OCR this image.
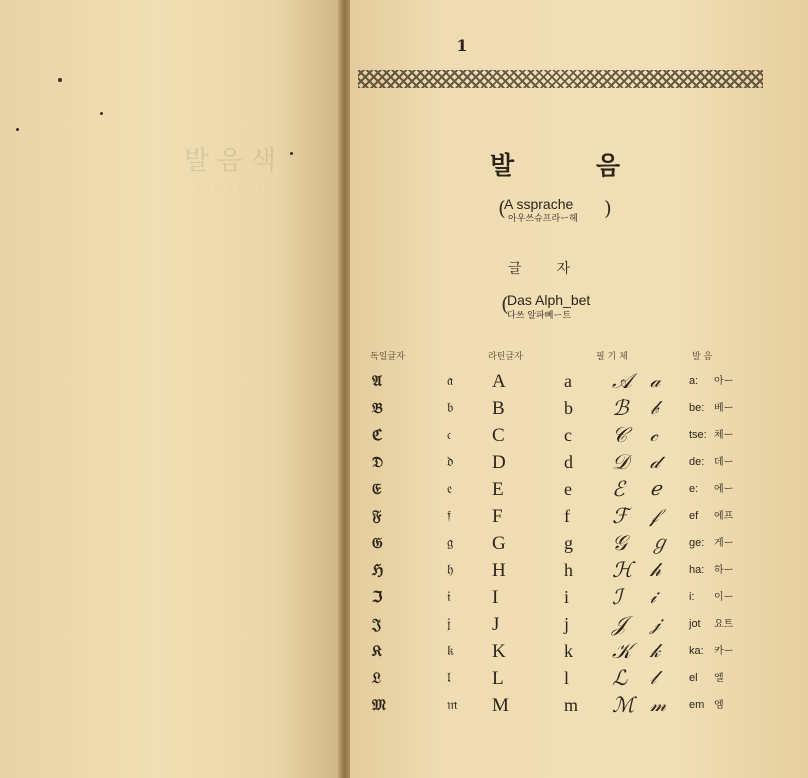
발 음 색
· · · · · · ·
1
발	음
(
A ssprache
아우쓰슈프라ー헤 )
글 자
(
Das Alph_bet
다쓰 알파뻬ー트
독일글자	라틴글자	필 기 체	발 음
𝔄	𝔞 A	a 𝒜 𝒶	a: 아ー
𝔅	𝔟 B	b ℬ 𝒷	be: 베ー
ℭ	𝔠 C	c 𝒞 𝒸	tse: 체ー
𝔇	𝔡 D	d 𝒟 𝒹	de: 데ー
𝔈	𝔢 E	e ℰ ℯ	e: 에ー
𝔉	𝔣 F	f ℱ 𝒻	ef 에프
𝔊	𝔤 G	g 𝒢 ℊ ge: 게ー
ℌ	𝔥 H	h ℋ 𝒽	ha: 하ー
ℑ	𝔦 I	i ℐ 𝒾	i: 이ー
𝔍	𝔧 J	j 𝒥 𝒿	jot 요트
𝔎	𝔨 K	k 𝒦 𝓀	ka: 카ー
𝔏	𝔩 L	l ℒ 𝓁	el 엘
𝔐	𝔪 M	m ℳ 𝓂 em 엠
